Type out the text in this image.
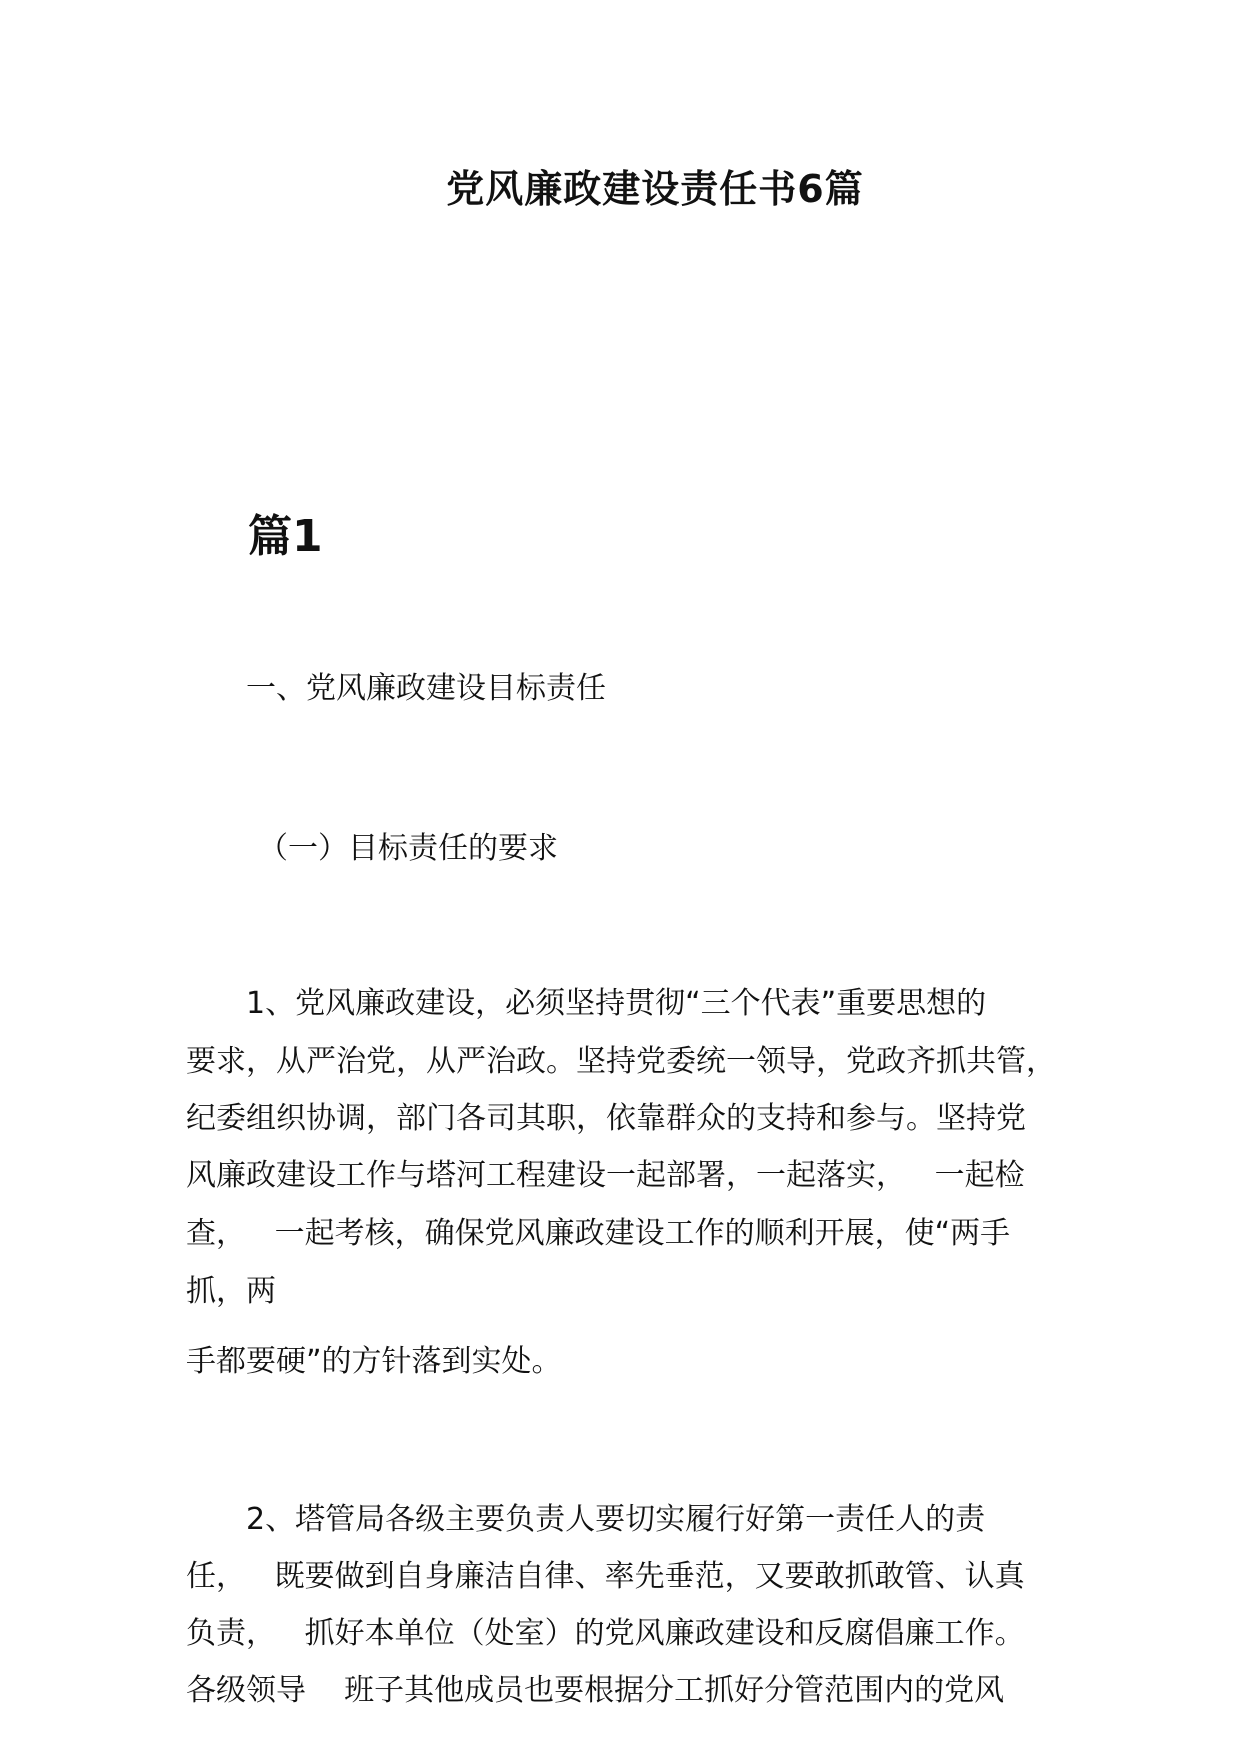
党风廉政建设责任书6篇
篇1
一、党风廉政建设目标责任
（一）目标责任的要求
1、党风廉政建设，必须坚持贯彻“三个代表”重要思想的
要求，从严治党，从严治政。坚持党委统一领导，党政齐抓共管，
纪委组织协调，部门各司其职，依靠群众的支持和参与。坚持党
风廉政建设工作与塔河工程建设一起部署，一起落实，   一起检
查，   一起考核，确保党风廉政建设工作的顺利开展，使“两手
抓，两
手都要硬”的方针落到实处。
2、塔管局各级主要负责人要切实履行好第一责任人的责
任，   既要做到自身廉洁自律、率先垂范，又要敢抓敢管、认真
负责，   抓好本单位（处室）的党风廉政建设和反腐倡廉工作。
各级领导    班子其他成员也要根据分工抓好分管范围内的党风
